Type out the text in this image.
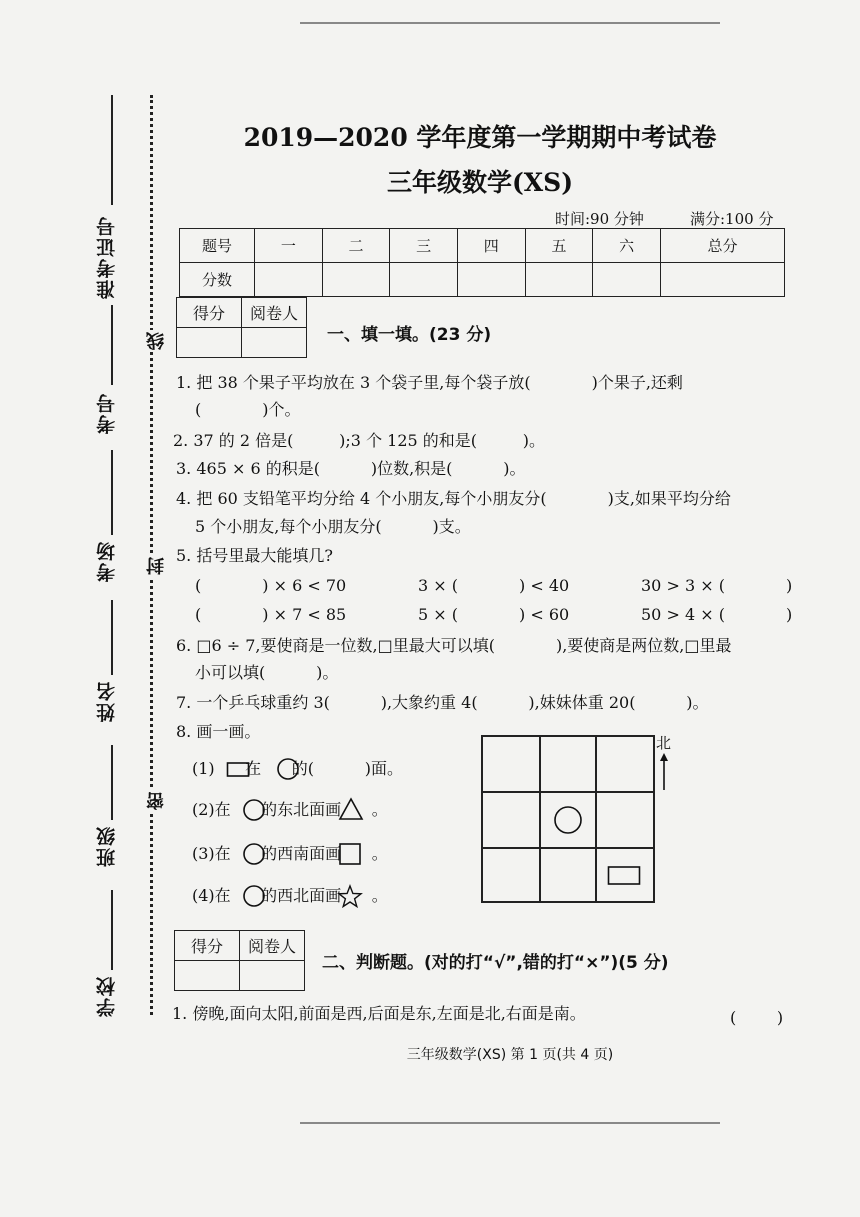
准考证号
考号
考场
姓名
班级
学校
线
封
密
2019—2020 学年度第一学期期中考试卷
三年级数学(XS)
时间:90 分钟	满分:100 分
题号	一	二	三	四	五	六	总分
分数							
得分	阅卷人

一、填一填。(23 分)
1. 把 38 个果子平均放在 3 个袋子里,每个袋子放(            )个果子,还剩
(            )个。
2. 37 的 2 倍是(         );3 个 125 的和是(         )。
3. 465 × 6 的积是(          )位数,积是(          )。
4. 把 60 支铅笔平均分给 4 个小朋友,每个小朋友分(            )支,如果平均分给
5 个小朋友,每个小朋友分(          )支。
5. 括号里最大能填几?
(            ) × 6 < 70	3 × (            ) < 40	30 > 3 × (            )
(            ) × 7 < 85	5 × (            ) < 60	50 > 4 × (            )
6. □6 ÷ 7,要使商是一位数,□里最大可以填(            ),要使商是两位数,□里最
小可以填(          )。
7. 一个乒乓球重约 3(          ),大象约重 4(          ),妹妹体重 20(          )。
8. 画一画。
(1)      在      的(          )面。
(2)在      的东北面画      。
(3)在      的西南面画      。
(4)在      的西北面画      。
北
得分	阅卷人

二、判断题。(对的打“√”,错的打“×”)(5 分)
1. 傍晚,面向太阳,前面是西,后面是东,左面是北,右面是南。	(        )
三年级数学(XS) 第 1 页(共 4 页)
